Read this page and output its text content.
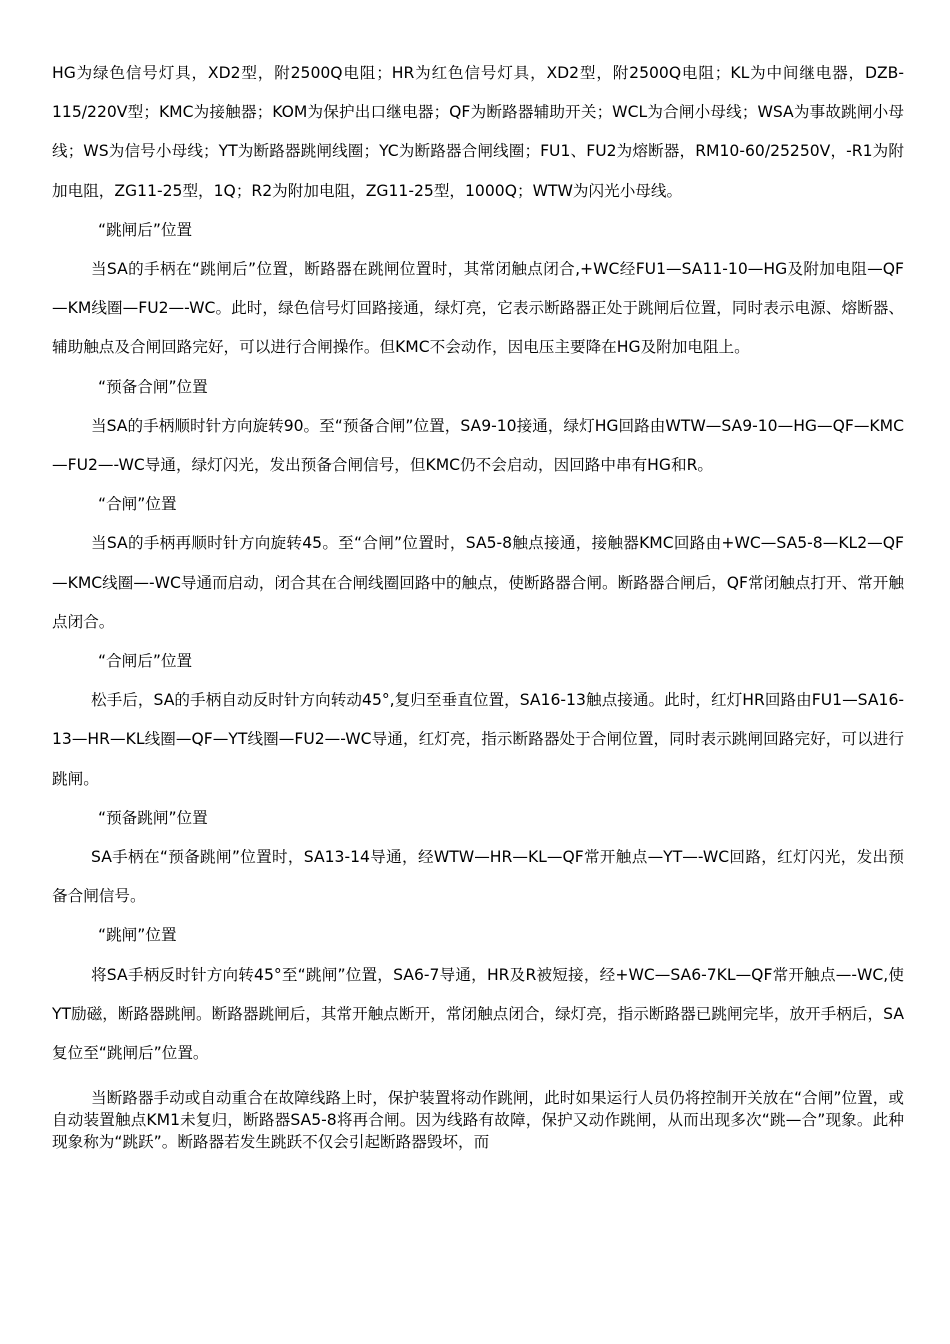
HG为绿色信号灯具，XD2型，附2500Q电阻；HR为红色信号灯具，XD2型，附2500Q电阻；KL为中间继电器，DZB-115/220V型；KMC为接触器；KOM为保护出口继电器；QF为断路器辅助开关；WCL为合闸小母线；WSA为事故跳闸小母线；WS为信号小母线；YT为断路器跳闸线圈；YC为断路器合闸线圈；FU1、FU2为熔断器，RM10-60/25250V，-R1为附加电阻，ZG11-25型，1Q；R2为附加电阻，ZG11-25型，1000Q；WTW为闪光小母线。

“跳闸后”位置

当SA的手柄在“跳闸后”位置，断路器在跳闸位置时，其常闭触点闭合,+WC经FU1—SA11-10—HG及附加电阻—QF—KM线圈—FU2—-WC。此时，绿色信号灯回路接通，绿灯亮，它表示断路器正处于跳闸后位置，同时表示电源、熔断器、辅助触点及合闸回路完好，可以进行合闸操作。但KMC不会动作，因电压主要降在HG及附加电阻上。

“预备合闸”位置

当SA的手柄顺时针方向旋转90。至“预备合闸”位置，SA9-10接通，绿灯HG回路由WTW—SA9-10—HG—QF—KMC—FU2—-WC导通，绿灯闪光，发出预备合闸信号，但KMC仍不会启动，因回路中串有HG和R。

“合闸”位置

当SA的手柄再顺时针方向旋转45。至“合闸”位置时，SA5-8触点接通，接触器KMC回路由+WC—SA5-8—KL2—QF—KMC线圈—-WC导通而启动，闭合其在合闸线圈回路中的触点，使断路器合闸。断路器合闸后，QF常闭触点打开、常开触点闭合。

“合闸后”位置

松手后，SA的手柄自动反时针方向转动45°,复归至垂直位置，SA16-13触点接通。此时，红灯HR回路由FU1—SA16-13—HR—KL线圈—QF—YT线圈—FU2—-WC导通，红灯亮，指示断路器处于合闸位置，同时表示跳闸回路完好，可以进行跳闸。

“预备跳闸”位置

SA手柄在“预备跳闸”位置时，SA13-14导通，经WTW—HR—KL—QF常开触点—YT—-WC回路，红灯闪光，发出预备合闸信号。

“跳闸”位置

将SA手柄反时针方向转45°至“跳闸”位置，SA6-7导通，HR及R被短接，经+WC—SA6-7KL—QF常开触点—-WC,使YT励磁，断路器跳闸。断路器跳闸后，其常开触点断开，常闭触点闭合，绿灯亮，指示断路器已跳闸完毕，放开手柄后，SA复位至“跳闸后”位置。

当断路器手动或自动重合在故障线路上时，保护装置将动作跳闸，此时如果运行人员仍将控制开关放在“合闸”位置，或自动装置触点KM1未复归，断路器SA5-8将再合闸。因为线路有故障，保护又动作跳闸，从而出现多次“跳—合”现象。此种现象称为“跳跃”。断路器若发生跳跃不仅会引起断路器毁坏，而
